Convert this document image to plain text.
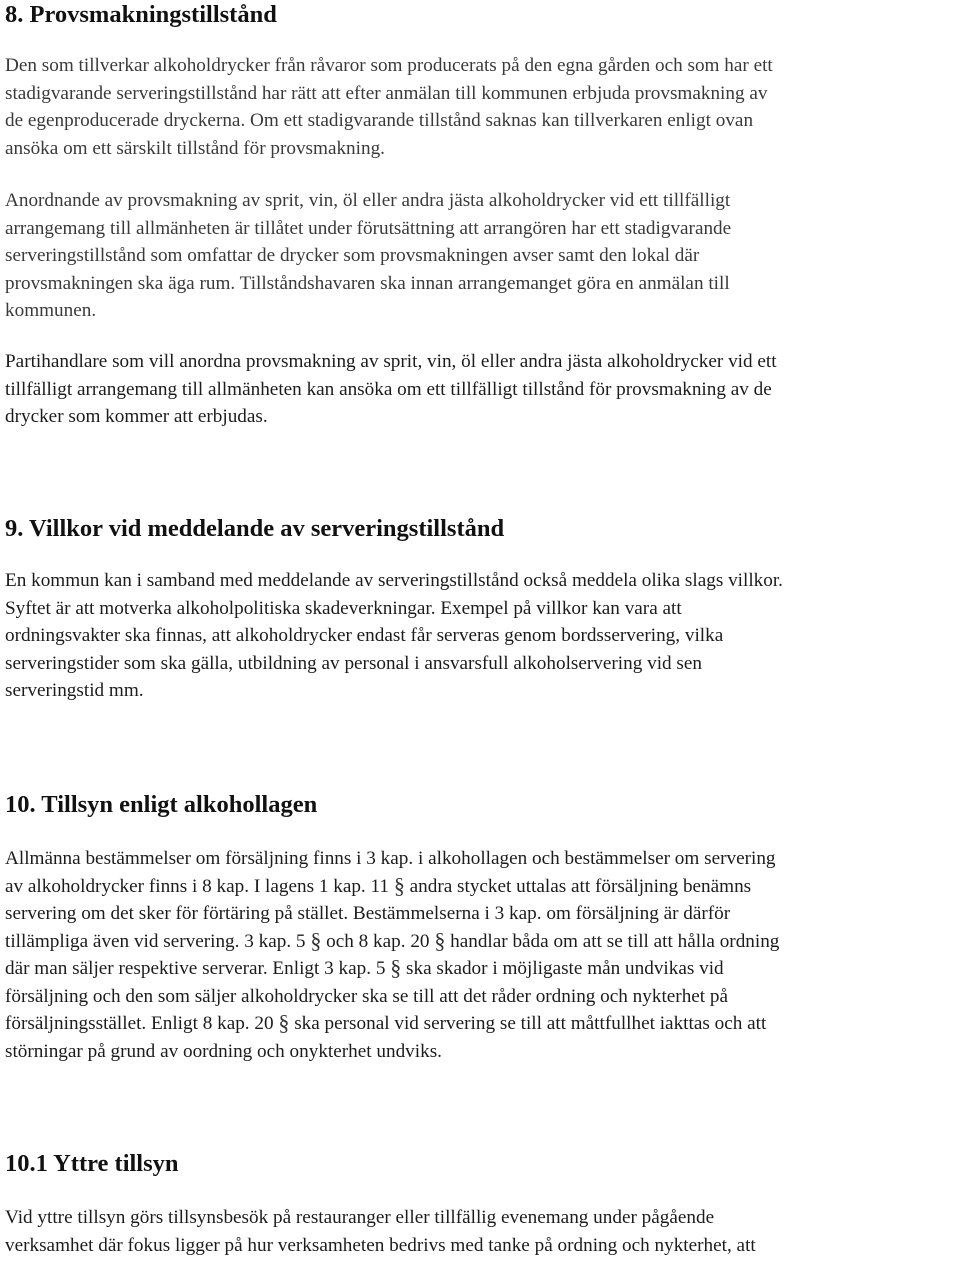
8. Provsmakningstillstånd

Den som tillverkar alkoholdrycker från råvaror som producerats på den egna gården och som har ett
stadigvarande serveringstillstånd har rätt att efter anmälan till kommunen erbjuda provsmakning av
de egenproducerade dryckerna. Om ett stadigvarande tillstånd saknas kan tillverkaren enligt ovan
ansöka om ett särskilt tillstånd för provsmakning.

Anordnande av provsmakning av sprit, vin, öl eller andra jästa alkoholdrycker vid ett tillfälligt
arrangemang till allmänheten är tillåtet under förutsättning att arrangören har ett stadigvarande
serveringstillstånd som omfattar de drycker som provsmakningen avser samt den lokal där
provsmakningen ska äga rum. Tillståndshavaren ska innan arrangemanget göra en anmälan till
kommunen.

Partihandlare som vill anordna provsmakning av sprit, vin, öl eller andra jästa alkoholdrycker vid ett
tillfälligt arrangemang till allmänheten kan ansöka om ett tillfälligt tillstånd för provsmakning av de
drycker som kommer att erbjudas.

9. Villkor vid meddelande av serveringstillstånd

En kommun kan i samband med meddelande av serveringstillstånd också meddela olika slags villkor.
Syftet är att motverka alkoholpolitiska skadeverkningar. Exempel på villkor kan vara att
ordningsvakter ska finnas, att alkoholdrycker endast får serveras genom bordsservering, vilka
serveringstider som ska gälla, utbildning av personal i ansvarsfull alkoholservering vid sen
serveringstid mm.

10. Tillsyn enligt alkohollagen

Allmänna bestämmelser om försäljning finns i 3 kap. i alkohollagen och bestämmelser om servering
av alkoholdrycker finns i 8 kap. I lagens 1 kap. 11 § andra stycket uttalas att försäljning benämns
servering om det sker för förtäring på stället. Bestämmelserna i 3 kap. om försäljning är därför
tillämpliga även vid servering. 3 kap. 5 § och 8 kap. 20 § handlar båda om att se till att hålla ordning
där man säljer respektive serverar. Enligt 3 kap. 5 § ska skador i möjligaste mån undvikas vid
försäljning och den som säljer alkoholdrycker ska se till att det råder ordning och nykterhet på
försäljningsstället. Enligt 8 kap. 20 § ska personal vid servering se till att måttfullhet iakttas och att
störningar på grund av oordning och onykterhet undviks.

10.1 Yttre tillsyn

Vid yttre tillsyn görs tillsynsbesök på restauranger eller tillfällig evenemang under pågående
verksamhet där fokus ligger på hur verksamheten bedrivs med tanke på ordning och nykterhet, att
